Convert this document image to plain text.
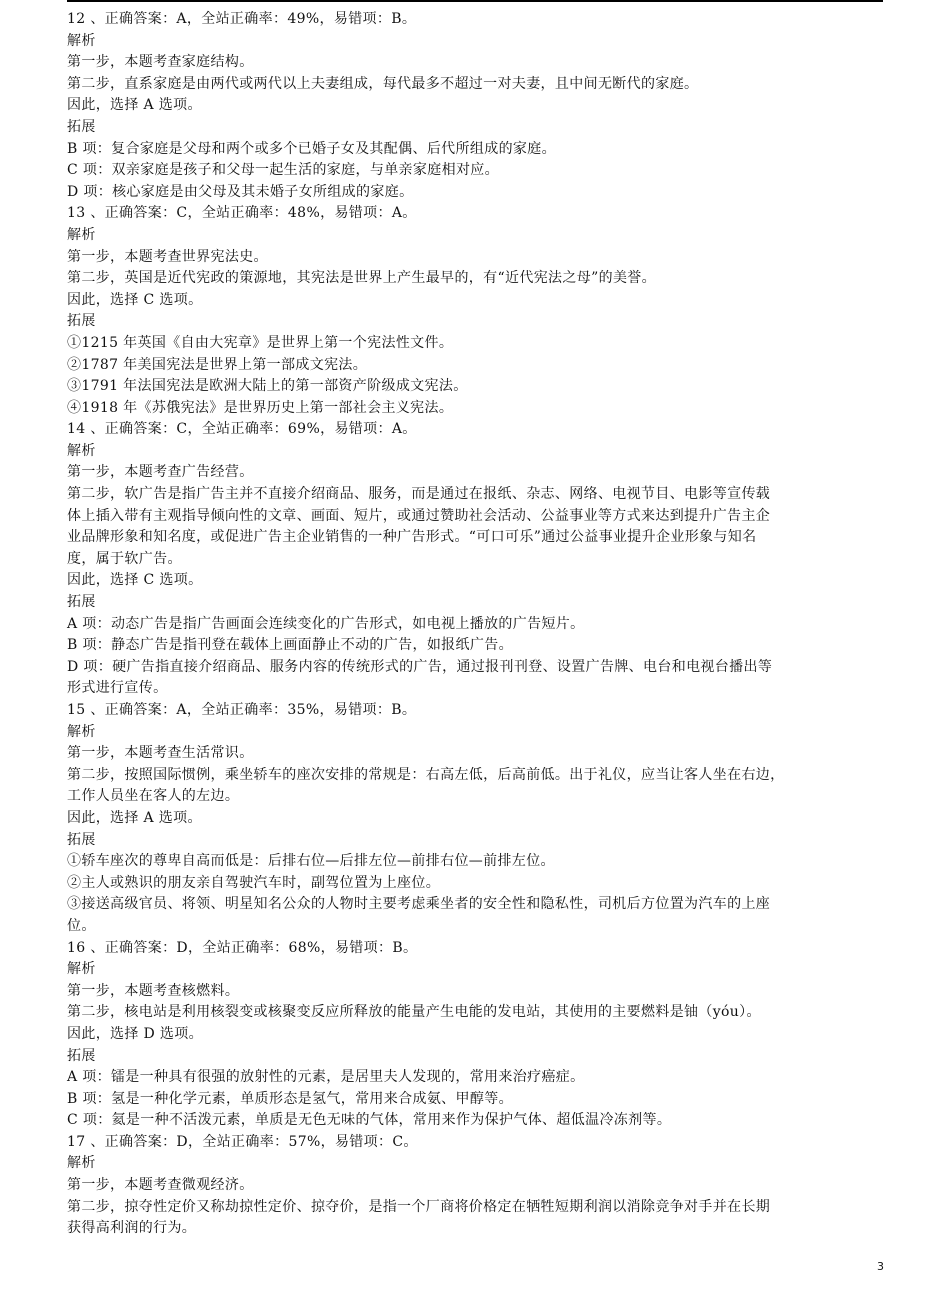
12 、正确答案：A，全站正确率：49%，易错项：B。
解析
第一步，本题考查家庭结构。
第二步，直系家庭是由两代或两代以上夫妻组成，每代最多不超过一对夫妻，且中间无断代的家庭。
因此，选择 A 选项。
拓展
B 项：复合家庭是父母和两个或多个已婚子女及其配偶、后代所组成的家庭。
C 项：双亲家庭是孩子和父母一起生活的家庭，与单亲家庭相对应。
D 项：核心家庭是由父母及其未婚子女所组成的家庭。
13 、正确答案：C，全站正确率：48%，易错项：A。
解析
第一步，本题考查世界宪法史。
第二步，英国是近代宪政的策源地，其宪法是世界上产生最早的，有“近代宪法之母”的美誉。
因此，选择 C 选项。
拓展
①1215 年英国《自由大宪章》是世界上第一个宪法性文件。
②1787 年美国宪法是世界上第一部成文宪法。
③1791 年法国宪法是欧洲大陆上的第一部资产阶级成文宪法。
④1918 年《苏俄宪法》是世界历史上第一部社会主义宪法。
14 、正确答案：C，全站正确率：69%，易错项：A。
解析
第一步，本题考查广告经营。
第二步，软广告是指广告主并不直接介绍商品、服务，而是通过在报纸、杂志、网络、电视节目、电影等宣传载
体上插入带有主观指导倾向性的文章、画面、短片，或通过赞助社会活动、公益事业等方式来达到提升广告主企
业品牌形象和知名度，或促进广告主企业销售的一种广告形式。“可口可乐”通过公益事业提升企业形象与知名
度，属于软广告。
因此，选择 C 选项。
拓展
A 项：动态广告是指广告画面会连续变化的广告形式，如电视上播放的广告短片。
B 项：静态广告是指刊登在载体上画面静止不动的广告，如报纸广告。
D 项：硬广告指直接介绍商品、服务内容的传统形式的广告，通过报刊刊登、设置广告牌、电台和电视台播出等
形式进行宣传。
15 、正确答案：A，全站正确率：35%，易错项：B。
解析
第一步，本题考查生活常识。
第二步，按照国际惯例，乘坐轿车的座次安排的常规是：右高左低，后高前低。出于礼仪，应当让客人坐在右边，
工作人员坐在客人的左边。
因此，选择 A 选项。
拓展
①轿车座次的尊卑自高而低是：后排右位—后排左位—前排右位—前排左位。
②主人或熟识的朋友亲自驾驶汽车时，副驾位置为上座位。
③接送高级官员、将领、明星知名公众的人物时主要考虑乘坐者的安全性和隐私性，司机后方位置为汽车的上座
位。
16 、正确答案：D，全站正确率：68%，易错项：B。
解析
第一步，本题考查核燃料。
第二步，核电站是利用核裂变或核聚变反应所释放的能量产生电能的发电站，其使用的主要燃料是铀（yóu）。
因此，选择 D 选项。
拓展
A 项：镭是一种具有很强的放射性的元素，是居里夫人发现的，常用来治疗癌症。
B 项：氢是一种化学元素，单质形态是氢气，常用来合成氨、甲醇等。
C 项：氦是一种不活泼元素，单质是无色无味的气体，常用来作为保护气体、超低温冷冻剂等。
17 、正确答案：D，全站正确率：57%，易错项：C。
解析
第一步，本题考查微观经济。
第二步，掠夺性定价又称劫掠性定价、掠夺价，是指一个厂商将价格定在牺牲短期利润以消除竞争对手并在长期
获得高利润的行为。
3
